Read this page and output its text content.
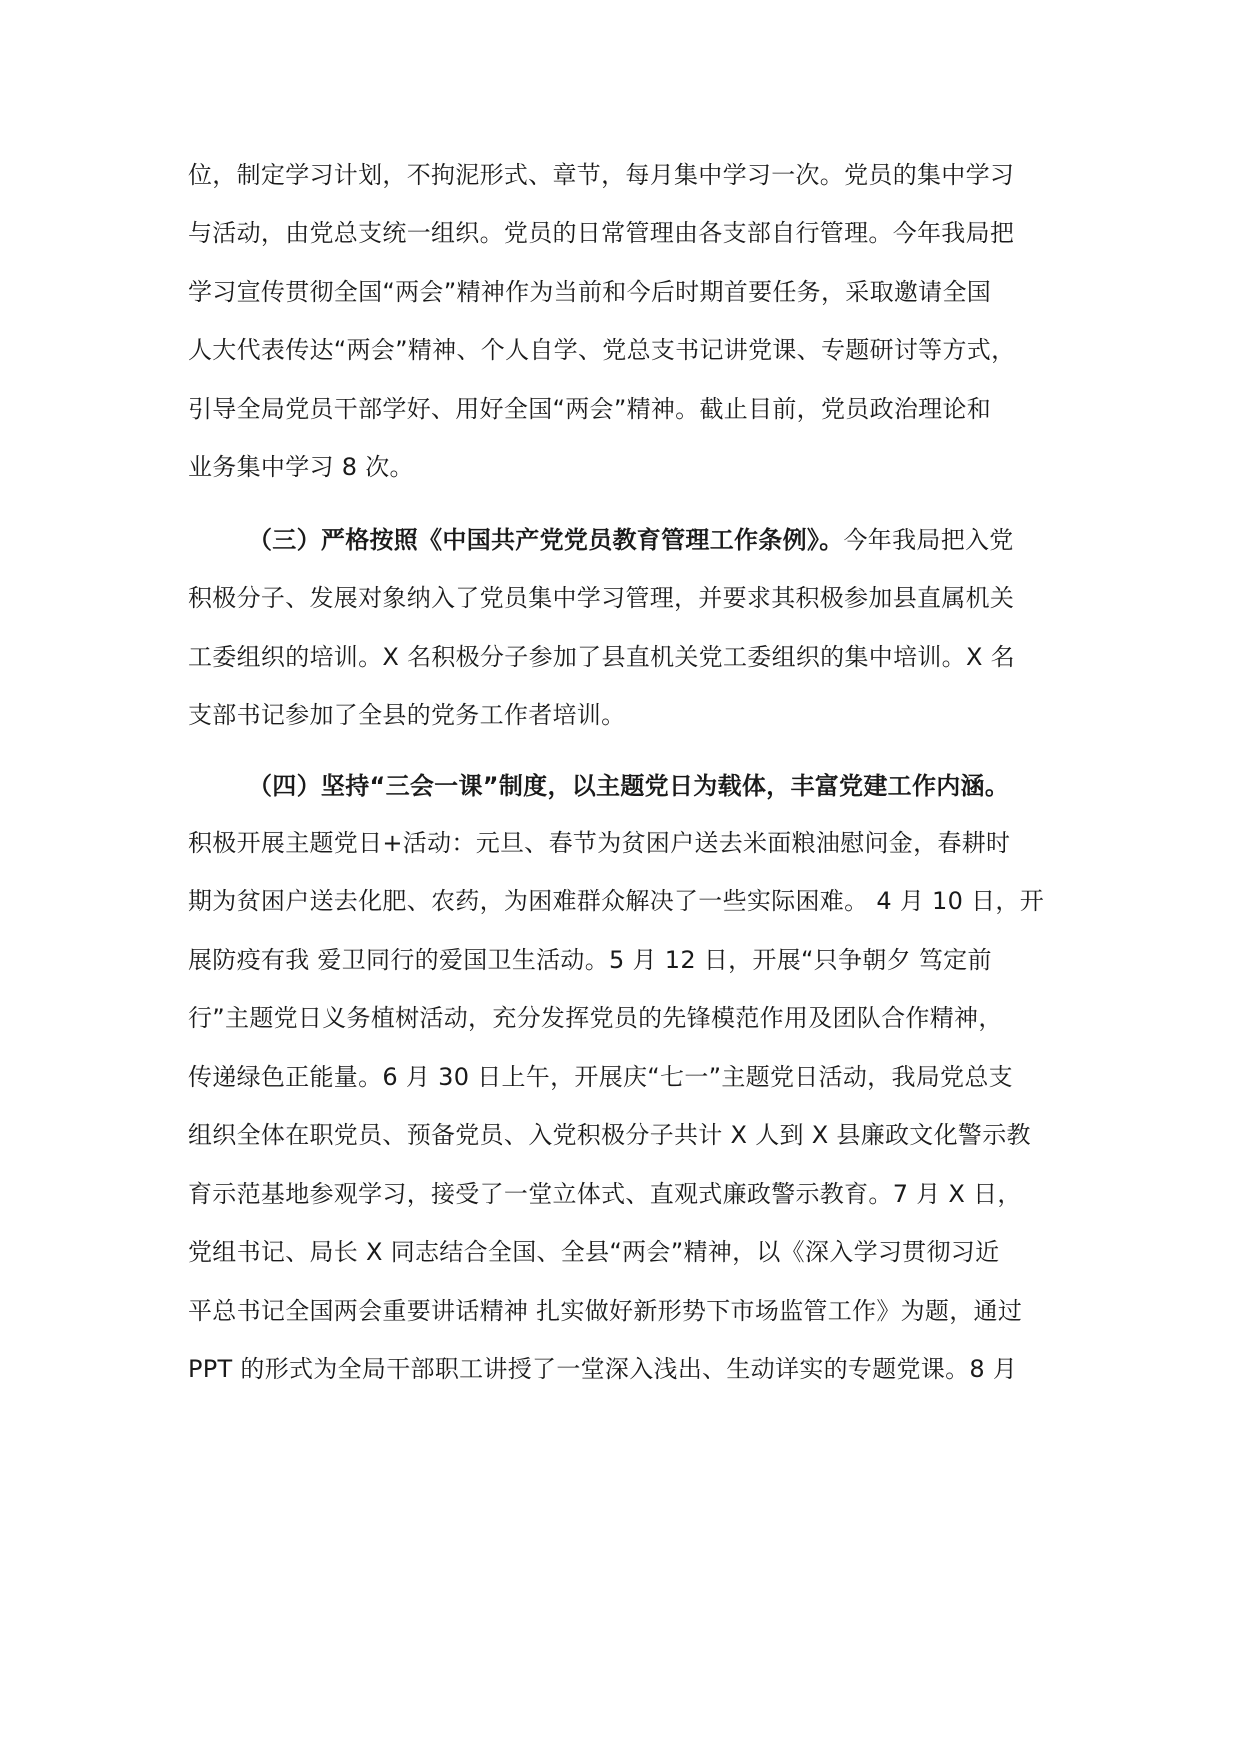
位，制定学习计划，不拘泥形式、章节，每月集中学习一次。党员的集中学习
与活动，由党总支统一组织。党员的日常管理由各支部自行管理。今年我局把
学习宣传贯彻全国“两会”精神作为当前和今后时期首要任务，采取邀请全国
人大代表传达“两会”精神、个人自学、党总支书记讲党课、专题研讨等方式，
引导全局党员干部学好、用好全国“两会”精神。截止目前，党员政治理论和
业务集中学习 8 次。
（三）严格按照《中国共产党党员教育管理工作条例》。今年我局把入党
积极分子、发展对象纳入了党员集中学习管理，并要求其积极参加县直属机关
工委组织的培训。X 名积极分子参加了县直机关党工委组织的集中培训。X 名
支部书记参加了全县的党务工作者培训。
（四）坚持“三会一课”制度，以主题党日为载体，丰富党建工作内涵。
积极开展主题党日+活动：元旦、春节为贫困户送去米面粮油慰问金，春耕时
期为贫困户送去化肥、农药，为困难群众解决了一些实际困难。 4 月 10 日，开
展防疫有我 爱卫同行的爱国卫生活动。5 月 12 日，开展“只争朝夕 笃定前
行”主题党日义务植树活动，充分发挥党员的先锋模范作用及团队合作精神，
传递绿色正能量。6 月 30 日上午，开展庆“七一”主题党日活动，我局党总支
组织全体在职党员、预备党员、入党积极分子共计 X 人到 X 县廉政文化警示教
育示范基地参观学习，接受了一堂立体式、直观式廉政警示教育。7 月 X 日，
党组书记、局长 X 同志结合全国、全县“两会”精神，以《深入学习贯彻习近
平总书记全国两会重要讲话精神 扎实做好新形势下市场监管工作》为题，通过
PPT 的形式为全局干部职工讲授了一堂深入浅出、生动详实的专题党课。8 月
